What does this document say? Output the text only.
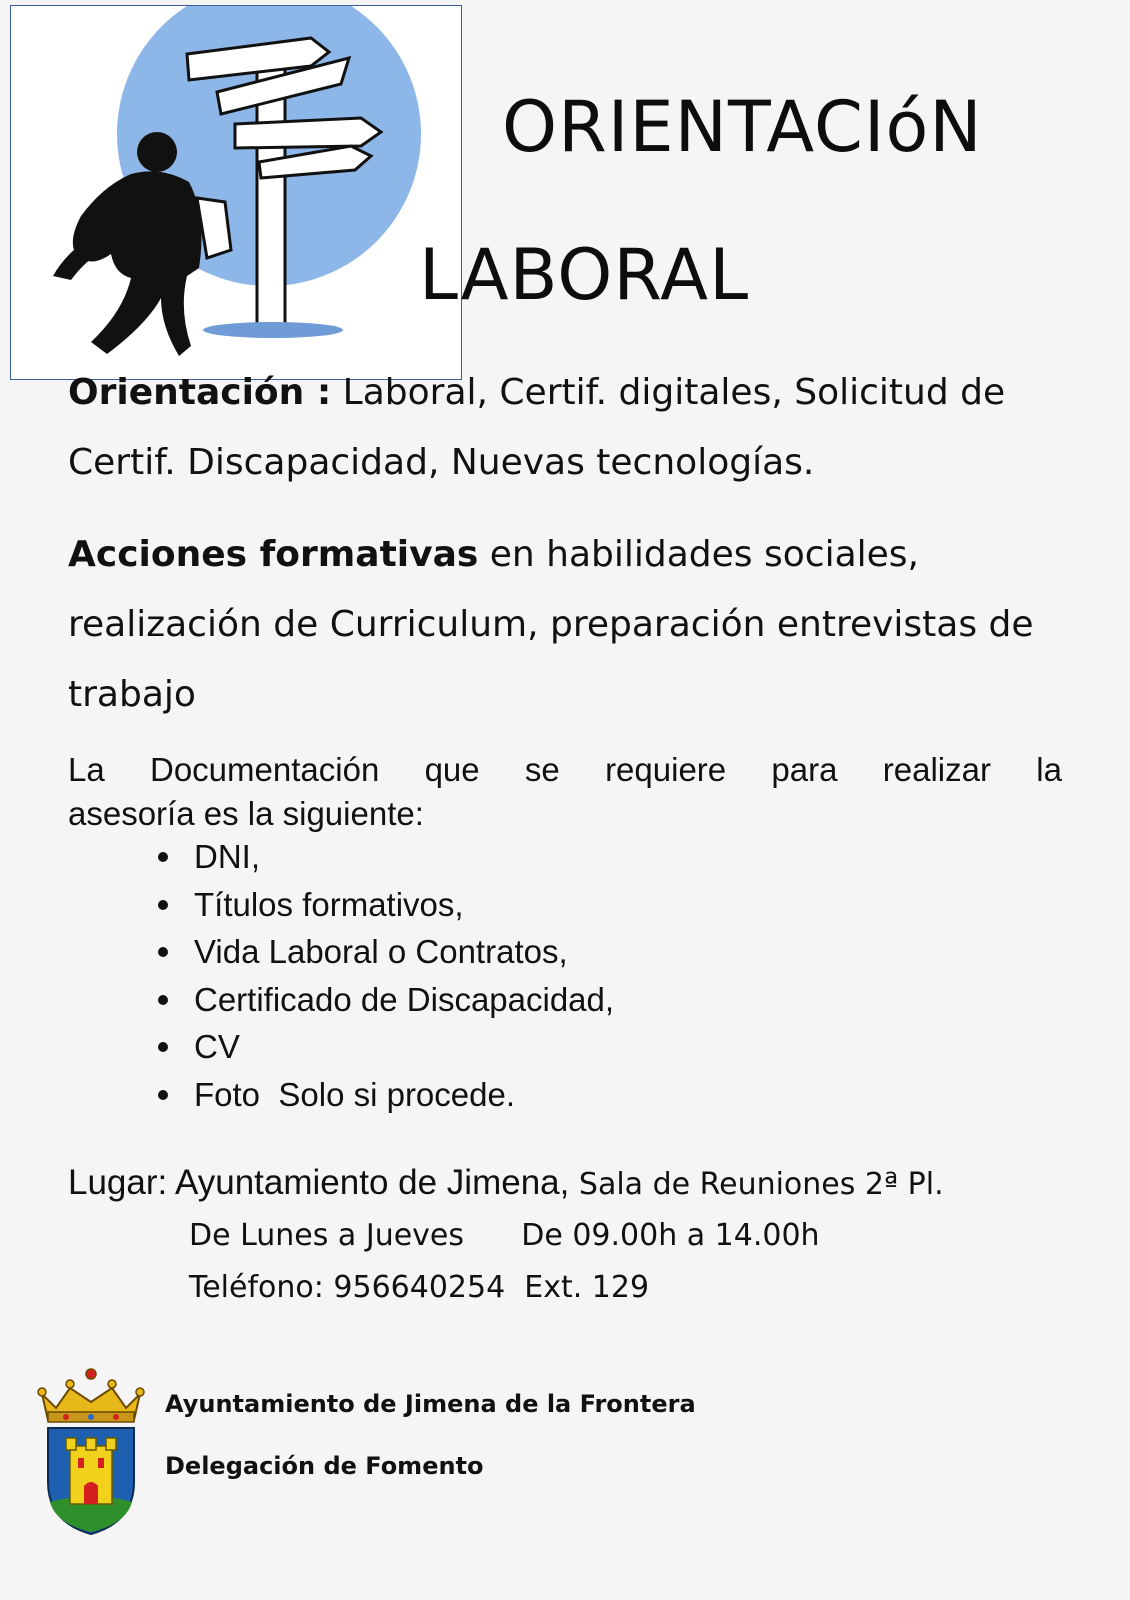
ORIENTACIóN
LABORAL
Orientación : Laboral, Certif. digitales, Solicitud de Certif. Discapacidad, Nuevas tecnologías.
Acciones formativas en habilidades sociales, realización de Curriculum, preparación entrevistas de trabajo
La Documentación que se requiere para realizar la
asesoría es la siguiente:
DNI,
Títulos formativos,
Vida Laboral o Contratos,
Certificado de Discapacidad,
CV
Foto  Solo si procede.
Lugar: Ayuntamiento de Jimena, Sala de Reuniones 2ª Pl.
De Lunes a Jueves      De 09.00h a 14.00h
Teléfono: 956640254  Ext. 129
Ayuntamiento de Jimena de la Frontera
Delegación de Fomento
